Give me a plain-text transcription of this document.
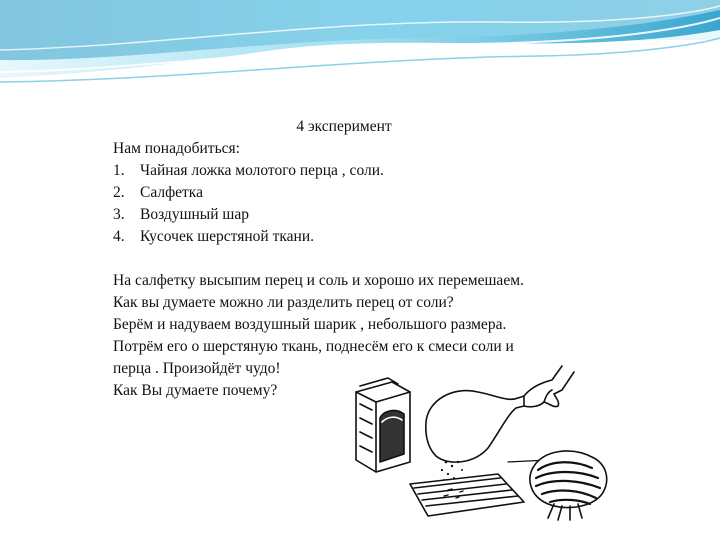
4 эксперимент
Нам понадобиться:
1. Чайная ложка молотого перца , соли.
2. Салфетка
3. Воздушный шар
4. Кусочек шерстяной ткани.

На салфетку высыпим перец и соль и хорошо их перемешаем.

Как вы думаете можно ли разделить перец от соли?

Берём и надуваем воздушный шарик , небольшого размера.

Потрём его о шерстяную ткань, поднесём его к смеси соли и

перца . Произойдёт чудо!

Как Вы думаете почему?
